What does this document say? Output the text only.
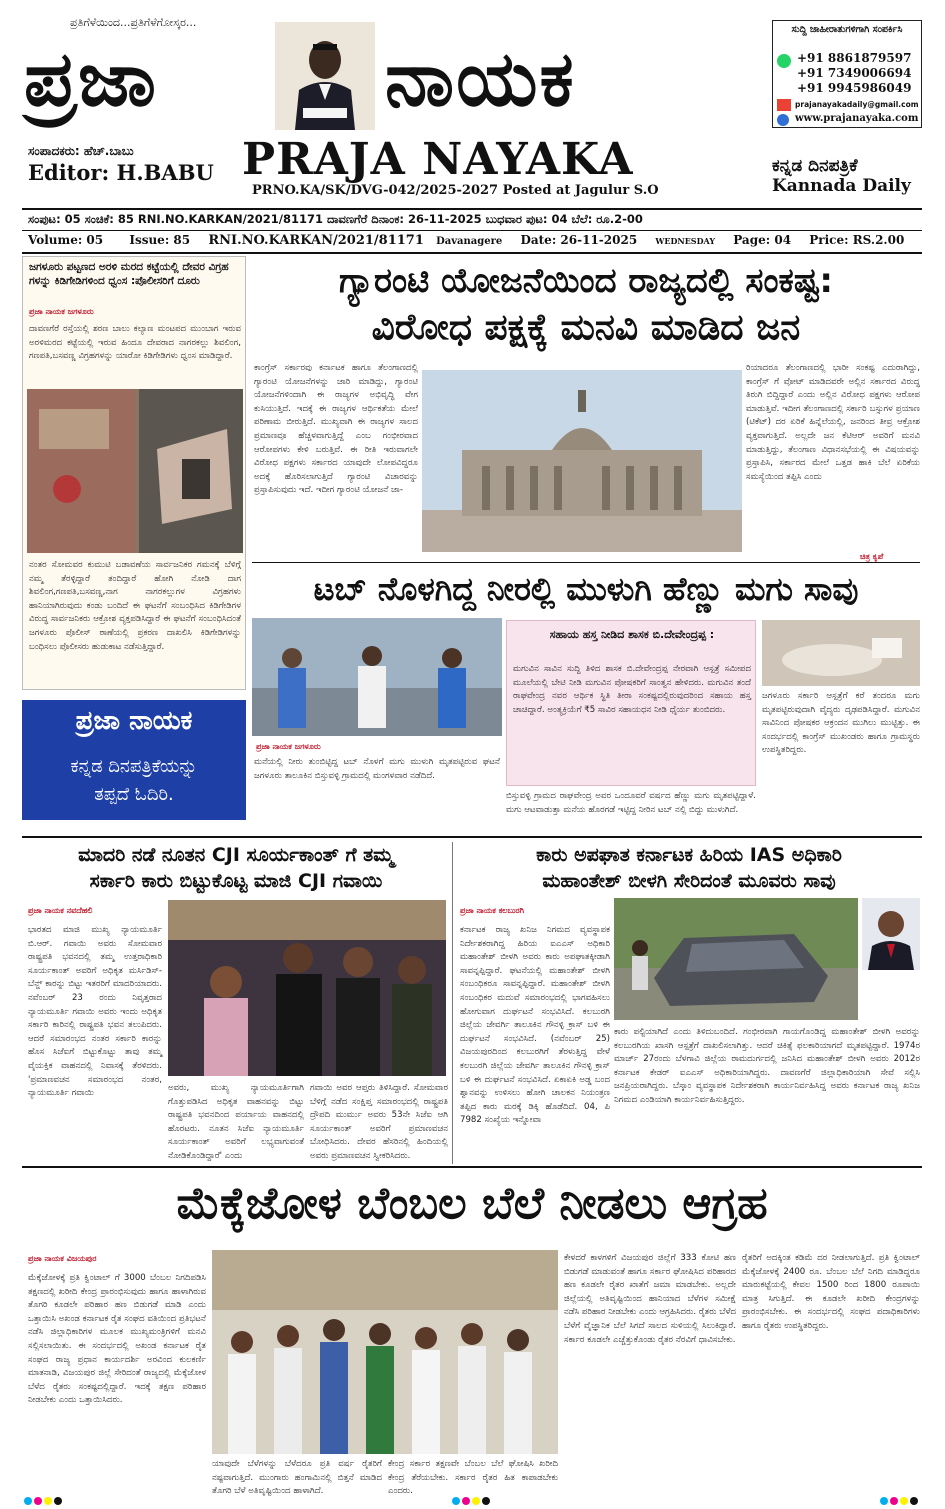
ಪ್ರತಿಗೆಳೆಯಿಂದ...ಪ್ರತಿಗೆಳೆಗೋಸ್ಕರ...
ಪ್ರಜಾ	ನಾಯಕ
ಸಂಪಾದಕರು: ಹೆಚ್.ಬಾಬು
Editor: H.BABU PRAJA NAYAKA
PRNO.KA/SK/DVG-042/2025-2027 Posted at Jagulur S.O
ಕನ್ನಡ ದಿನಪತ್ರಿಕೆ
Kannada Daily
ಸುದ್ದಿ ಜಾಹೀರಾತುಗಳಿಗಾಗಿ ಸಂಪರ್ಕಿಸಿ
+91 8861879597
+91 7349006694
+91 9945986049
prajanayakadaily@gmail.com
www.prajanayaka.com
ಸಂಪುಟ: 05 ಸಂಚಿಕೆ: 85 RNI.NO.KARKAN/2021/81171 ದಾವಣಗೆರೆ ದಿನಾಂಕ: 26-11-2025 ಬುಧವಾರ ಪುಟ: 04 ಬೆಲೆ: ರೂ.2-00
Volume: 05 Issue: 85 RNI.NO.KARKAN/2021/81171 Davanagere Date: 26-11-2025 WEDNESDAY Page: 04 Price: RS.2.00
ಜಗಳೂರು ಪಟ್ಟಣದ ಅರಳಿ ಮರದ ಕಟ್ಟೆಯಲ್ಲಿ ದೇವರ ವಿಗ್ರಹ ಗಳನ್ನು ಕಿಡಿಗೇಡಿಗಳಿಂದ ಧ್ವಂಸ :ಪೊಲೀಸರಿಗೆ ದೂರು
ಪ್ರಜಾ ನಾಯಕ ಜಗಳೂರು
ದಾವಣಗೆರೆ ರಸ್ತೆಯಲ್ಲಿ ಶರಣ ಬಾಲು ಕಲ್ಯಾಣ ಮಂಟಪದ ಮುಂಬಾಗ ಇರುವ ಅರಳಿಮರದ ಕಟ್ಟೆಯಲ್ಲಿ ಇರುವ ಹಿಂದೂ ದೇವರಾದ ನಾಗರಕಲ್ಲು ಶಿವಲಿಂಗ, ಗಣಪತಿ,ಬಸವಣ್ಣ ವಿಗ್ರಹಗಳನ್ನು ಯಾರೋ ಕಿಡಿಗೇಡಿಗಳು ಧ್ವಂಸ ಮಾಡಿದ್ದಾರೆ.
ನಂತರ ಸೋಮವರ ಕುಮುಟಿ ಬಡಾವಣೆಯ ಸಾರ್ವಜನಿಕರ ಗಮನಕ್ಕೆ ಬೆಳಿಗ್ಗೆ ನಮ್ಮ ತೆರಳ್ಳಿದ್ದಾರೆ ತಂದಿದ್ದಾರೆ ಹೋಗಿ ನೋಡಿ ದಾಗ ಶಿವಲಿಂಗ,ಗಣಪತಿ,ಬಸವಣ್ಣ,ನಾಗ ನಾಗರಕಲ್ಲುಗಳ ವಿಗ್ರಹಗಳು ಹಾನಿಯಾಗಿರುವುದು ಕಂಡು ಬಂದಿದೆ ಈ ಘಟನೆಗೆ ಸಂಬಂಧಿಸಿದ ಕಿಡಿಗೇಡಿಗಳ ವಿರುದ್ಧ ಸಾರ್ವಜನಿಕರು ಆಕ್ರೋಶ ವ್ಯಕ್ತಪಡಿಸಿದ್ದಾರೆ ಈ ಘಟನೆಗೆ ಸಂಬಂಧಿಸಿದಂತೆ ಜಗಳೂರು ಪೊಲೀಸ್ ಠಾಣೆಯಲ್ಲಿ ಪ್ರಕರಣ ದಾಖಲಿಸಿ ಕಿಡಿಗೇಡಿಗಳನ್ನು ಬಂಧಿಸಲು ಪೊಲೀಸರು ಹುಡುಕಾಟ ನಡೆಸುತ್ತಿದ್ದಾರೆ.
ಪ್ರಜಾ ನಾಯಕ
ಕನ್ನಡ ದಿನಪತ್ರಿಕೆಯನ್ನು
ತಪ್ಪದೆ ಓದಿರಿ.
ಗ್ಯಾರಂಟಿ ಯೋಜನೆಯಿಂದ ರಾಜ್ಯದಲ್ಲಿ ಸಂಕಷ್ಟ:
ವಿರೋಧ ಪಕ್ಷಕ್ಕೆ ಮನವಿ ಮಾಡಿದ ಜನ
ಕಾಂಗ್ರೆಸ್ ಸರ್ಕಾರವು ಕರ್ನಾಟಕ ಹಾಗೂ ತೆಲಂಗಾಣದಲ್ಲಿ ಗ್ಯಾರಂಟಿ ಯೋಜನೆಗಳನ್ನು ಜಾರಿ ಮಾಡಿದ್ದು, ಗ್ಯಾರಂಟಿ ಯೋಜನೆಗಳಿಂದಾಗಿ ಈ ರಾಜ್ಯಗಳ ಅಭಿವೃದ್ಧಿ ವೇಗ ಕುಸಿಯುತ್ತಿದೆ. ಇದಕ್ಕೆ ಈ ರಾಜ್ಯಗಳ ಆರ್ಥಿಕತೆಯ ಮೇಲೆ ಪರಿಣಾಮ ಬೀರುತ್ತಿದೆ. ಮುಖ್ಯವಾಗಿ ಈ ರಾಜ್ಯಗಳ ಸಾಲದ ಪ್ರಮಾಣವೂ ಹೆಚ್ಚಳವಾಗುತ್ತಿದ್ದೆ ಎಂಬ ಗಂಭೀರವಾದ ಆರೋಪಗಳು ಕೇಳಿ ಬರುತ್ತಿವೆ. ಈ ರೀತಿ ಇರುವಾಗಲೇ ವಿರೋಧ ಪಕ್ಷಗಳು ಸರ್ಕಾರದ ಯಾವುದೇ ಲೋಪವಿದ್ದರೂ ಅದಕ್ಕೆ ಹೊರಿಸಲಾಗುತ್ತಿದೆ ಗ್ಯಾರಂಟಿ ವಿಚಾರವನ್ನು ಪ್ರಸ್ತಾಪಿಸುವುದು ಇದೆ. ಇದೀಗ ಗ್ಯಾರಂಟಿ ಯೋಜನೆ ಜಾ-
ರಿಯಾದರೂ ತೆಲಂಗಾಣದಲ್ಲಿ ಭಾರೀ ಸಂಕಷ್ಟ ಎದುರಾಗಿದ್ದು, ಕಾಂಗ್ರೆಸ್ ಗೆ ವೋಟ್ ಮಾಡಿದವರೇ ಅಲ್ಲಿನ ಸರ್ಕಾರದ ವಿರುದ್ಧ ತಿರುಗಿ ಬಿದ್ದಿದ್ದಾರೆ ಎಂದು ಅಲ್ಲಿನ ವಿರೋಧ ಪಕ್ಷಗಳು ಆರೋಪ ಮಾಡುತ್ತಿವೆ. ಇದೀಗ ತೆಲಂಗಾಣದಲ್ಲಿ ಸರ್ಕಾರಿ ಬಸ್ಸುಗಳ ಪ್ರಯಾಣ (ಟಿಕೆಟ್) ದರ ಏರಿಕೆ ಹಿನ್ನೆಲೆಯಲ್ಲಿ, ಜನರಿಂದ ತೀವ್ರ ಆಕ್ರೋಶ ವ್ಯಕ್ತವಾಗುತ್ತಿದೆ. ಅಲ್ಲದೇ ಜನ ಕೆಟಿಆರ್ ಅವರಿಗೆ ಮನವಿ ಮಾಡುತ್ತಿದ್ದು, ತೆಲಂಗಾಣ ವಿಧಾನಸಭೆಯಲ್ಲಿ ಈ ವಿಷಯವನ್ನು ಪ್ರಸ್ತಾಪಿಸಿ, ಸರ್ಕಾರದ ಮೇಲೆ ಒತ್ತಡ ಹಾಕಿ ಬೆಲೆ ಏರಿಕೆಯ ಸಮಸ್ಯೆಯಿಂದ ತಪ್ಪಿಸಿ ಎಂದು
ಚಿತ್ರ ಕೃಪೆ
ಟಬ್ ನೊಳಗಿದ್ದ ನೀರಲ್ಲಿ ಮುಳುಗಿ ಹೆಣ್ಣು ಮಗು ಸಾವು
ಪ್ರಜಾ ನಾಯಕ ಜಗಳೂರು
ಸಹಾಯ ಹಸ್ತ ನೀಡಿದ ಶಾಸಕ ಬಿ.ದೇವೇಂದ್ರಪ್ಪ :
ಮಗುವಿನ ಸಾವಿನ ಸುದ್ದಿ ತಿಳಿದ ಶಾಸಕ ಬಿ.ದೇವೇಂದ್ರಪ್ಪ ನೇರವಾಗಿ ಆಸ್ಪತ್ರೆ ಸಮೀಪದ ಮೂಲೆಯಲ್ಲಿ ಬೇಟಿ ನೀಡಿ ಮಗುವಿನ ಪೋಷಕರಿಗೆ ಸಾಂತ್ವನ ಹೇಳಿದರು. ಮಗುವಿನ ತಂದೆ ರಾಘವೇಂದ್ರ ನವರ ಆರ್ಥಿಕ ಸ್ಥಿತಿ ತೀರಾ ಸಂಕಷ್ಟದಲ್ಲಿರುವುದರಿಂದ ಸಹಾಯ ಹಸ್ತ ಚಾಚಿದ್ದಾರೆ. ಅಂತ್ಯಕ್ರಿಯೆಗೆ ₹5 ಸಾವಿರ ಸಹಾಯಧನ ನೀಡಿ ಧೈರ್ಯ ತುಂಬಿದರು.
ಮನೆಯಲ್ಲಿ ನೀರು ತುಂಬಿಟ್ಟಿದ್ದ ಟಬ್ ನೊಳಗೆ ಮಗು ಮುಳುಗಿ ಮೃತಪಟ್ಟಿರುವ ಘಟನೆ ಜಗಳೂರು ತಾಲೂಕಿನ ಬಿಸ್ತುವಳ್ಳಿ ಗ್ರಾಮದಲ್ಲಿ ಮಂಗಳವಾರ ನಡೆದಿದೆ.
ಬಿಸ್ತುವಳ್ಳಿ ಗ್ರಾಮದ ರಾಘವೇಂದ್ರ ಅವರ ಒಂದೂವರೆ ವರ್ಷದ ಹೆಣ್ಣು ಮಗು ಮೃತಪಟ್ಟಿದ್ದಾಳೆ. ಮಗು ಆಟವಾಡುತ್ತಾ ಮನೆಯ ಹೊರಗಡೆ ಇಟ್ಟಿದ್ದ ನೀರಿನ ಟಬ್ ನಲ್ಲಿ ಬಿದ್ದು ಮುಳುಗಿದೆ.
ಜಗಳೂರು ಸರ್ಕಾರಿ ಆಸ್ಪತ್ರೆಗೆ ಕರೆ ತಂದರೂ ಮಗು ಮೃತಪಟ್ಟಿರುವುದಾಗಿ ವೈದ್ಯರು ದೃಢಪಡಿಸಿದ್ದಾರೆ. ಮಗುವಿನ ಸಾವಿನಿಂದ ಪೋಷಕರ ಆಕ್ರಂದನ ಮುಗಿಲು ಮುಟ್ಟಿತ್ತು. ಈ ಸಂದರ್ಭದಲ್ಲಿ ಕಾಂಗ್ರೆಸ್ ಮುಖಂಡರು ಹಾಗೂ ಗ್ರಾಮಸ್ಥರು ಉಪಸ್ಥಿತರಿದ್ದರು.
ಮಾದರಿ ನಡೆ ನೂತನ CJI ಸೂರ್ಯಕಾಂತ್ ಗೆ ತಮ್ಮ
ಸರ್ಕಾರಿ ಕಾರು ಬಿಟ್ಟುಕೊಟ್ಟ ಮಾಜಿ CJI ಗವಾಯಿ
ಪ್ರಜಾ ನಾಯಕ ನವದೆಹಲಿ
ಭಾರತದ ಮಾಜಿ ಮುಖ್ಯ ನ್ಯಾಯಮೂರ್ತಿ ಬಿ.ಆರ್. ಗವಾಯಿ ಅವರು ಸೋಮವಾರ ರಾಷ್ಟ್ರಪತಿ ಭವನದಲ್ಲಿ ತಮ್ಮ ಉತ್ತರಾಧಿಕಾರಿ ಸೂರ್ಯಕಾಂತ್ ಅವರಿಗೆ ಅಧಿಕೃತ ಮರ್ಸಿಡಿಸ್-ಬೆನ್ಜ್ ಕಾರನ್ನು ಬಿಟ್ಟು ಇತರರಿಗೆ ಮಾದರಿಯಾದರು. ನವೆಂಬರ್ 23 ರಂದು ನಿವೃತ್ತರಾದ ನ್ಯಾಯಮೂರ್ತಿ ಗವಾಯಿ ಅವರು ಇಂದು ಅಧಿಕೃತ ಸರ್ಕಾರಿ ಕಾರಿನಲ್ಲಿ ರಾಷ್ಟ್ರಪತಿ ಭವನ ತಲುಪಿದರು. ಆದರೆ ಸಮಾರಂಭದ ನಂತರ ಸರ್ಕಾರಿ ಕಾರನ್ನು ಹೊಸ ಸಿಜೆಐಗೆ ಬಿಟ್ಟುಕೊಟ್ಟು ತಾವು ತಮ್ಮ ವೈಯಕ್ತಿಕ ವಾಹನದಲ್ಲಿ ನಿವಾಸಕ್ಕೆ ತೆರಳಿದರು. 'ಪ್ರಮಾಣವಚನ ಸಮಾರಂಭದ ನಂತರ, ನ್ಯಾಯಮೂರ್ತಿ ಗವಾಯಿ
ಅವರು, ಮುಖ್ಯ ನ್ಯಾಯಮೂರ್ತಿಗಾಗಿ ಗೊತ್ತುಪಡಿಸಿದ ಅಧಿಕೃತ ವಾಹನವನ್ನು ಬಿಟ್ಟು ರಾಷ್ಟ್ರಪತಿ ಭವನದಿಂದ ಪರ್ಯಾಯ ವಾಹನದಲ್ಲಿ ಹೊರಟರು. ನೂತನ ಸಿಜೆಐ ನ್ಯಾಯಮೂರ್ತಿ ಸೂರ್ಯಕಾಂತ್ ಅವರಿಗೆ ಲಭ್ಯವಾಗುವಂತೆ ನೋಡಿಕೊಂಡಿದ್ದಾರೆ' ಎಂದು
ಗವಾಯಿ ಅವರ ಆಪ್ತರು ತಿಳಿಸಿದ್ದಾರೆ. ಸೋಮವಾರ ಬೆಳಿಗ್ಗೆ ನಡೆದ ಸಂಕ್ಷಿಪ್ತ ಸಮಾರಂಭದಲ್ಲಿ ರಾಷ್ಟ್ರಪತಿ ದ್ರೌಪದಿ ಮುರ್ಮು ಅವರು 53ನೇ ಸಿಜೆಐ ಆಗಿ ಸೂರ್ಯಕಾಂತ್ ಅವರಿಗೆ ಪ್ರಮಾಣವಚನ ಬೋಧಿಸಿದರು. ದೇವರ ಹೆಸರಿನಲ್ಲಿ ಹಿಂದಿಯಲ್ಲಿ ಅವರು ಪ್ರಮಾಣವಚನ ಸ್ವೀಕರಿಸಿದರು.
ಕಾರು ಅಪಘಾತ ಕರ್ನಾಟಕ ಹಿರಿಯ IAS ಅಧಿಕಾರಿ
ಮಹಾಂತೇಶ್ ಬೀಳಗಿ ಸೇರಿದಂತೆ ಮೂವರು ಸಾವು
ಪ್ರಜಾ ನಾಯಕ ಕಲಬುರಗಿ
ಕರ್ನಾಟಕ ರಾಜ್ಯ ಖನಿಜ ನಿಗಮದ ವ್ಯವಸ್ಥಾಪಕ ನಿರ್ದೇಶಕರಾಗಿದ್ದ ಹಿರಿಯ ಐಎಎಸ್ ಅಧಿಕಾರಿ ಮಹಾಂತೇಶ್ ಬೀಳಗಿ ಅವರು ಕಾರು ಅಪಘಾತಕ್ಕೀಡಾಗಿ ಸಾವನ್ನಪ್ಪಿದ್ದಾರೆ. ಘಟನೆಯಲ್ಲಿ ಮಹಾಂತೇಶ್ ಬೀಳಗಿ ಸಂಬಂಧಿಕರೂ ಸಾವನ್ನಪ್ಪಿದ್ದಾರೆ. ಮಹಾಂತೇಶ್ ಬೀಳಗಿ ಸಂಬಂಧಿಕರ ಮದುವೆ ಸಮಾರಂಭದಲ್ಲಿ ಭಾಗವಹಿಸಲು ಹೋಗುವಾಗ ದುರ್ಘಟನೆ ಸಂಭವಿಸಿದೆ. ಕಲಬುರಗಿ ಜಿಲ್ಲೆಯ ಜೇವರ್ಗಿ ತಾಲೂಕಿನ ಗೌನಳ್ಳಿ ಕ್ರಾಸ್ ಬಳಿ ಈ ದುರ್ಘಟನೆ ಸಂಭವಿಸಿದೆ. (ನವೆಂಬರ್ 25) ವಿಜಯಪುರದಿಂದ ಕಲಬುರಗಿಗೆ ತೆರಳುತ್ತಿದ್ದ ವೇಳೆ ಕಲಬುರಗಿ ಜಿಲ್ಲೆಯ ಜೇವರ್ಗಿ ತಾಲೂಕಿನ ಗೌನಳ್ಳಿ ಕ್ರಾಸ್ ಬಳಿ ಈ ದುರ್ಘಟನೆ ಸಂಭವಿಸಿದೆ. ಏಕಾಏಕಿ ಅಡ್ಡ ಬಂದ ಶ್ವಾನವನ್ನು ಉಳಿಸಲು ಹೋಗಿ ಚಾಲಕನ ನಿಯಂತ್ರಣ ತಪ್ಪಿದ ಕಾರು ಮರಕ್ಕೆ ಡಿಕ್ಕಿ ಹೊಡೆದಿದೆ. 04, ಪಿ 7982 ಸಂಖ್ಯೆಯ ಇನ್ನೋವಾ
ಕಾರು ಪಲ್ಟಿಯಾಗಿದೆ ಎಂದು ತಿಳಿದುಬಂದಿದೆ. ಗಂಭೀರವಾಗಿ ಗಾಯಗೊಂಡಿದ್ದ ಮಹಾಂತೇಶ್ ಬೀಳಗಿ ಅವರನ್ನು ಕಲಬುರಗಿಯ ಖಾಸಗಿ ಆಸ್ಪತ್ರೆಗೆ ದಾಖಲಿಸಲಾಗಿತ್ತು. ಆದರೆ ಚಿಕಿತ್ಸೆ ಫಲಕಾರಿಯಾಗದೆ ಮೃತಪಟ್ಟಿದ್ದಾರೆ. 1974ರ ಮಾರ್ಚ್ 27ರಂದು ಬೆಳಗಾವಿ ಜಿಲ್ಲೆಯ ರಾಮದುರ್ಗದಲ್ಲಿ ಜನಿಸಿದ ಮಹಾಂತೇಶ್ ಬೀಳಗಿ ಅವರು 2012ರ ಕರ್ನಾಟಕ ಕೇಡರ್ ಐಎಎಸ್ ಅಧಿಕಾರಿಯಾಗಿದ್ದರು. ದಾವಣಗೆರೆ ಜಿಲ್ಲಾಧಿಕಾರಿಯಾಗಿ ಸೇವೆ ಸಲ್ಲಿಸಿ ಜನಪ್ರಿಯರಾಗಿದ್ದರು. ಬೆಸ್ಕಾಂ ವ್ಯವಸ್ಥಾಪಕ ನಿರ್ದೇಶಕರಾಗಿ ಕಾರ್ಯನಿರ್ವಹಿಸಿದ್ದ ಅವರು ಕರ್ನಾಟಕ ರಾಜ್ಯ ಖನಿಜ ನಿಗಮದ ಎಂಡಿಯಾಗಿ ಕಾರ್ಯನಿರ್ವಹಿಸುತ್ತಿದ್ದರು.
ಮೆಕ್ಕೆಜೋಳ ಬೆಂಬಲ ಬೆಲೆ ನೀಡಲು ಆಗ್ರಹ
ಪ್ರಜಾ ನಾಯಕ ವಿಜಯಪುರ
ಮೆಕ್ಕೆಜೋಳಕ್ಕೆ ಪ್ರತಿ ಕ್ವಿಂಟಾಲ್ ಗೆ 3000 ಬೆಂಬಲ ನಿಗದಿಪಡಿಸಿ ತಕ್ಷಣದಲ್ಲಿ ಖರೀದಿ ಕೇಂದ್ರ ಪ್ರಾರಂಭಿಸುವುದು ಹಾಗೂ ಹಾಳಾಗಿರುವ ತೊಗರಿ ಕೂಡಲೇ ಪರಿಹಾರ ಹಣ ಬಿಡುಗಡೆ ಮಾಡಿ ಎಂದು ಒತ್ತಾಯಿಸಿ ಅಖಂಡ ಕರ್ನಾಟಕ ರೈತ ಸಂಘದ ವತಿಯಿಂದ ಪ್ರತಿಭಟನೆ ನಡೆಸಿ ಜಿಲ್ಲಾಧಿಕಾರಿಗಳ ಮೂಲಕ ಮುಖ್ಯಮಂತ್ರಿಗಳಿಗೆ ಮನವಿ ಸಲ್ಲಿಸಲಾಯಿತು. ಈ ಸಂದರ್ಭದಲ್ಲಿ ಅಖಂಡ ಕರ್ನಾಟಕ ರೈತ ಸಂಘದ ರಾಜ್ಯ ಪ್ರಧಾನ ಕಾರ್ಯದರ್ಶಿ ಅರವಿಂದ ಕುಲಕರ್ಣಿ ಮಾತನಾಡಿ, ವಿಜಯಪುರ ಜಿಲ್ಲೆ ಸೇರಿದಂತೆ ರಾಜ್ಯದಲ್ಲಿ ಮೆಕ್ಕೆಜೋಳ ಬೆಳೆದ ರೈತರು ಸಂಕಷ್ಟದಲ್ಲಿದ್ದಾರೆ. ಇದಕ್ಕೆ ತಕ್ಷಣ ಪರಿಹಾರ ನೀಡಬೇಕು ಎಂದು ಒತ್ತಾಯಿಸಿದರು.
ಯಾವುದೇ ಬೆಳೆಗಳನ್ನು ಬೆಳೆದರೂ ಪ್ರತಿ ವರ್ಷ ರೈತರಿಗೆ ನಷ್ಟವಾಗುತ್ತಿದೆ. ಮುಂಗಾರು ಹಂಗಾಮಿನಲ್ಲಿ ಬಿತ್ತನೆ ಮಾಡಿದ ತೊಗರಿ ಬೆಳೆ ಅತಿವೃಷ್ಟಿಯಿಂದ ಹಾಳಾಗಿದೆ.
ಕೇಂದ್ರ ಸರ್ಕಾರ ತಕ್ಷಣವೇ ಬೆಂಬಲ ಬೆಲೆ ಘೋಷಿಸಿ ಖರೀದಿ ಕೇಂದ್ರ ತೆರೆಯಬೇಕು. ಸರ್ಕಾರ ರೈತರ ಹಿತ ಕಾಪಾಡಬೇಕು ಎಂದರು.
ಕೇಳದರೆ ಕಾಳಗಳಿಗೆ ವಿಜಯಪುರ ಜಿಲ್ಲೆಗೆ 333 ಕೋಟಿ ಹಣ ಬಿಡುಗಡೆ ಮಾಡುವಂತೆ ಹಾಗೂ ಸರ್ಕಾರ ಘೋಷಿಸಿದ ಪರಿಹಾರದ ಹಣ ಕೂಡಲೇ ರೈತರ ಖಾತೆಗೆ ಜಮಾ ಮಾಡಬೇಕು. ಅಲ್ಲದೇ ಜಿಲ್ಲೆಯಲ್ಲಿ ಅತಿವೃಷ್ಟಿಯಿಂದ ಹಾನಿಯಾದ ಬೆಳೆಗಳ ಸಮೀಕ್ಷೆ ನಡೆಸಿ ಪರಿಹಾರ ನೀಡಬೇಕು ಎಂದು ಆಗ್ರಹಿಸಿದರು. ರೈತರು ಬೆಳೆದ ಬೆಳೆಗೆ ವೈಜ್ಞಾನಿಕ ಬೆಲೆ ಸಿಗದೆ ಸಾಲದ ಸುಳಿಯಲ್ಲಿ ಸಿಲುಕಿದ್ದಾರೆ. ಸರ್ಕಾರ ಕೂಡಲೇ ಎಚ್ಚೆತ್ತುಕೊಂಡು ರೈತರ ನೆರವಿಗೆ ಧಾವಿಸಬೇಕು.
ರೈತರಿಗೆ ಅದಕ್ಕಿಂತ ಕಡಿಮೆ ದರ ನೀಡಲಾಗುತ್ತಿದೆ. ಪ್ರತಿ ಕ್ವಿಂಟಾಲ್ ಮೆಕ್ಕೆಜೋಳಕ್ಕೆ 2400 ರೂ. ಬೆಂಬಲ ಬೆಲೆ ನಿಗದಿ ಮಾಡಿದ್ದರೂ ಮಾರುಕಟ್ಟೆಯಲ್ಲಿ ಕೇವಲ 1500 ರಿಂದ 1800 ರೂಪಾಯಿ ಮಾತ್ರ ಸಿಗುತ್ತಿದೆ. ಈ ಕೂಡಲೇ ಖರೀದಿ ಕೇಂದ್ರಗಳನ್ನು ಪ್ರಾರಂಭಿಸಬೇಕು. ಈ ಸಂದರ್ಭದಲ್ಲಿ ಸಂಘದ ಪದಾಧಿಕಾರಿಗಳು ಹಾಗೂ ರೈತರು ಉಪಸ್ಥಿತರಿದ್ದರು.
